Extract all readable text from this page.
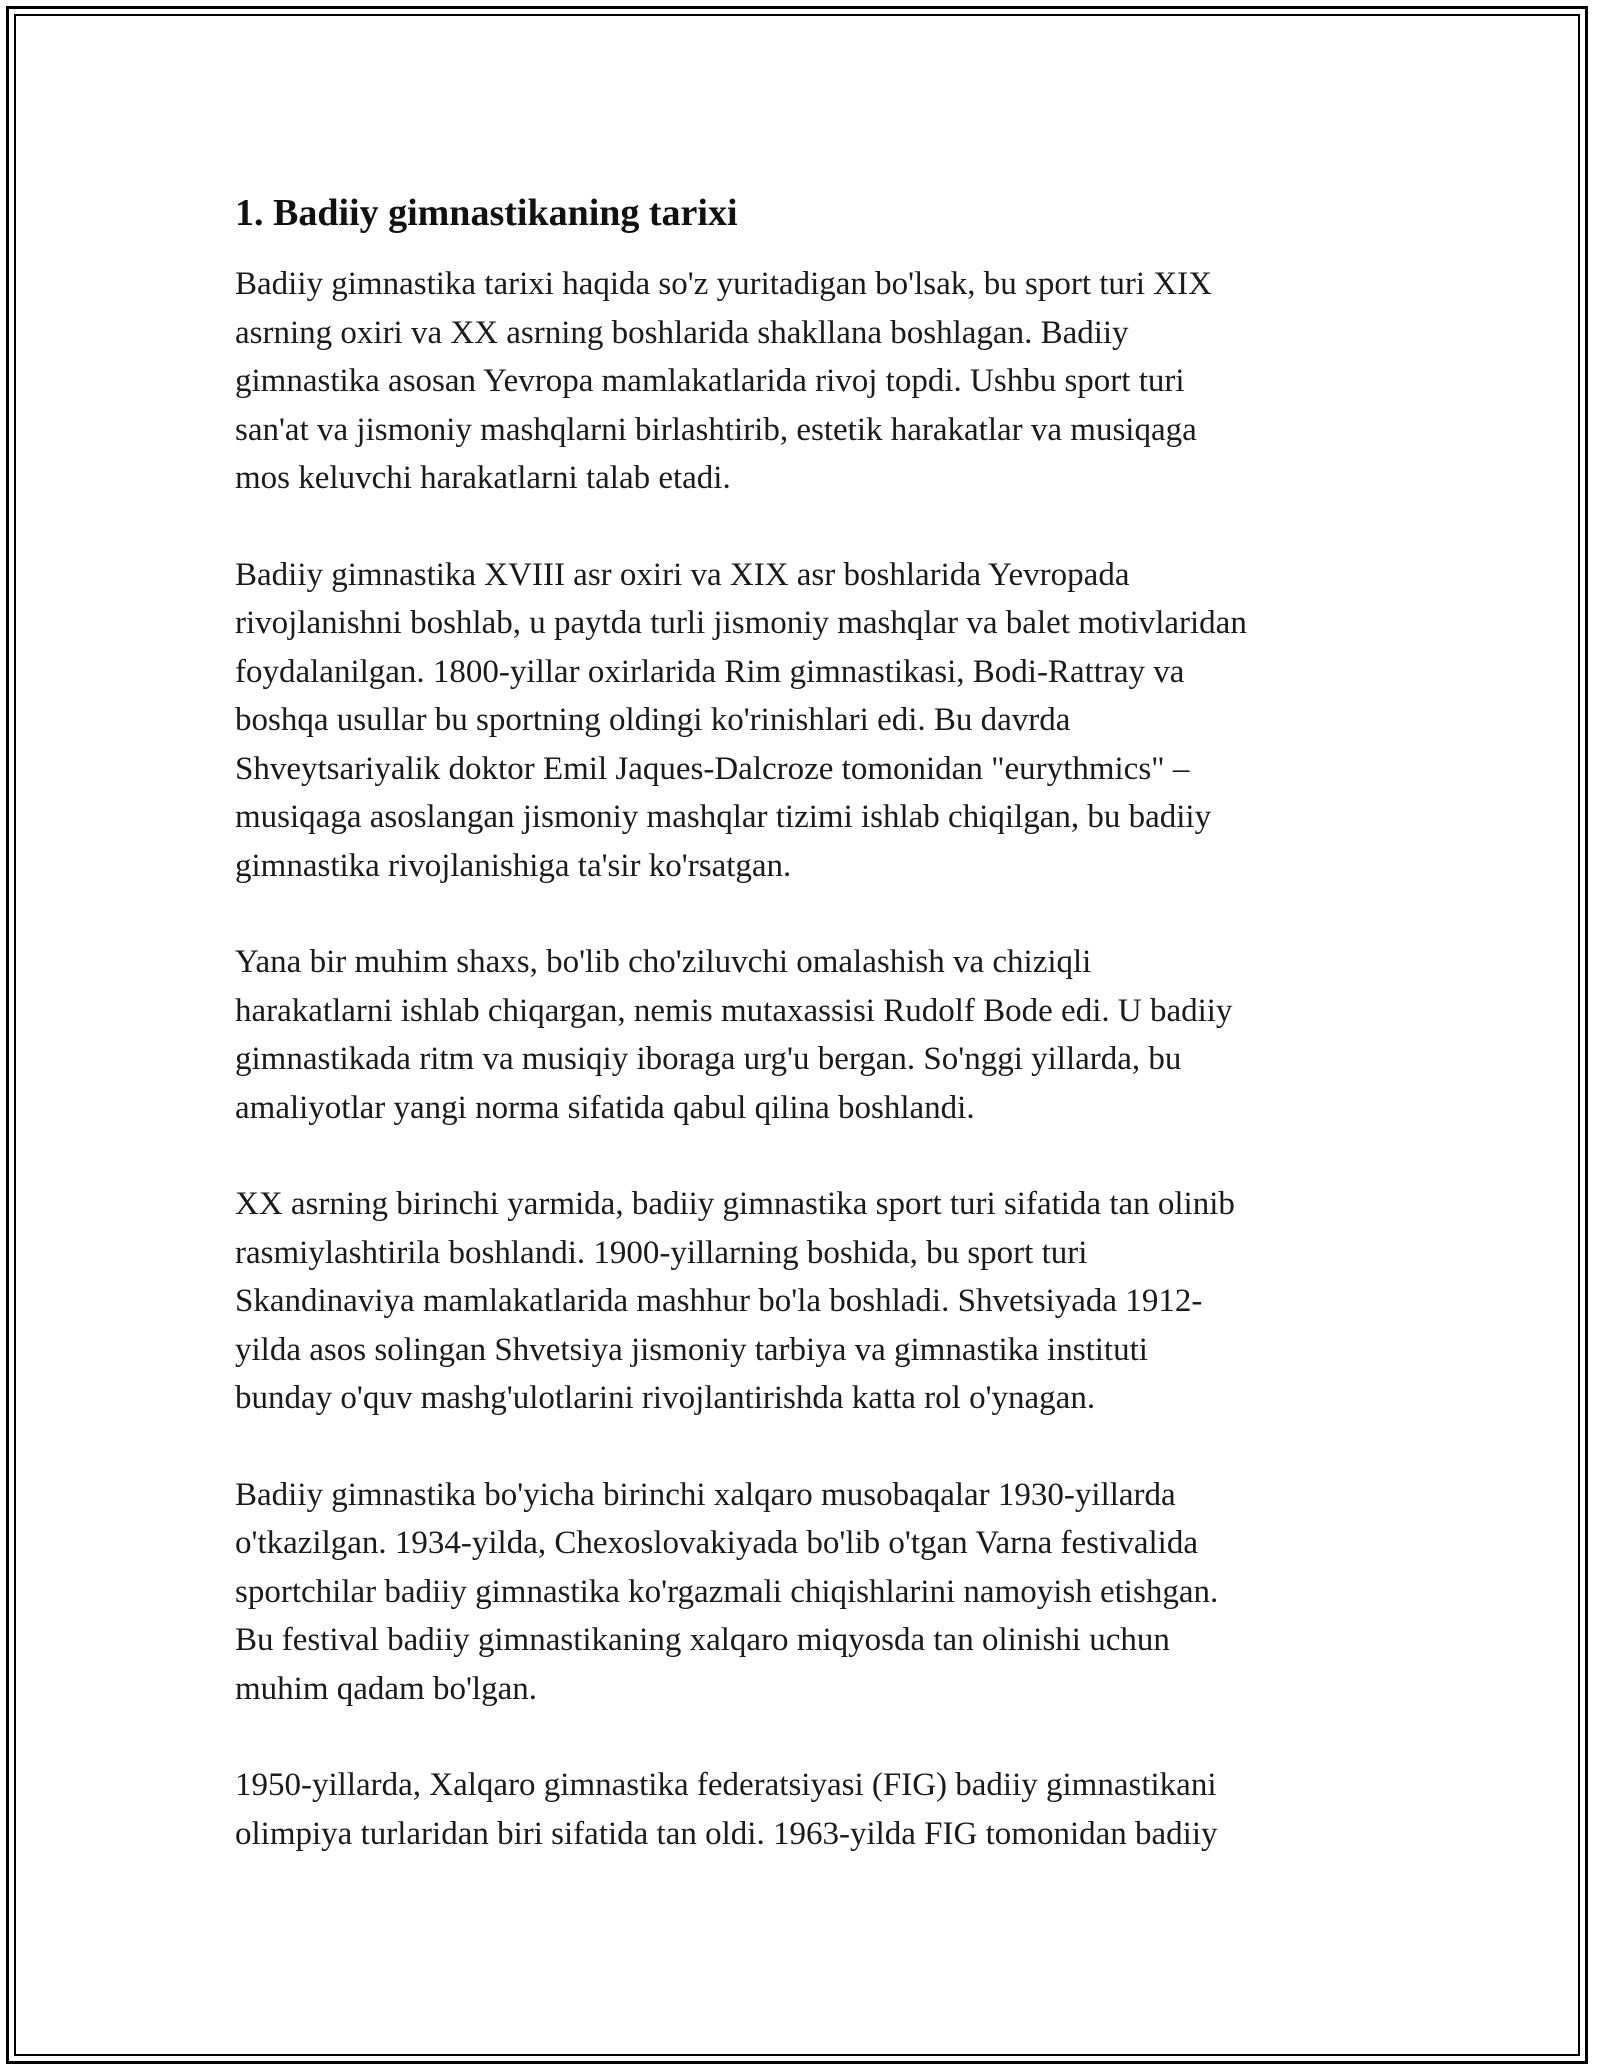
1. Badiiy gimnastikaning tarixi

Badiiy gimnastika tarixi haqida so'z yuritadigan bo'lsak, bu sport turi XIX
asrning oxiri va XX asrning boshlarida shakllana boshlagan. Badiiy
gimnastika asosan Yevropa mamlakatlarida rivoj topdi. Ushbu sport turi
san'at va jismoniy mashqlarni birlashtirib, estetik harakatlar va musiqaga
mos keluvchi harakatlarni talab etadi.

Badiiy gimnastika XVIII asr oxiri va XIX asr boshlarida Yevropada
rivojlanishni boshlab, u paytda turli jismoniy mashqlar va balet motivlaridan
foydalanilgan. 1800-yillar oxirlarida Rim gimnastikasi, Bodi-Rattray va
boshqa usullar bu sportning oldingi ko'rinishlari edi. Bu davrda
Shveytsariyalik doktor Emil Jaques-Dalcroze tomonidan "eurythmics" –
musiqaga asoslangan jismoniy mashqlar tizimi ishlab chiqilgan, bu badiiy
gimnastika rivojlanishiga ta'sir ko'rsatgan.

Yana bir muhim shaxs, bo'lib cho'ziluvchi omalashish va chiziqli
harakatlarni ishlab chiqargan, nemis mutaxassisi Rudolf Bode edi. U badiiy
gimnastikada ritm va musiqiy iboraga urg'u bergan. So'nggi yillarda, bu
amaliyotlar yangi norma sifatida qabul qilina boshlandi.

XX asrning birinchi yarmida, badiiy gimnastika sport turi sifatida tan olinib
rasmiylashtirila boshlandi. 1900-yillarning boshida, bu sport turi
Skandinaviya mamlakatlarida mashhur bo'la boshladi. Shvetsiyada 1912-
yilda asos solingan Shvetsiya jismoniy tarbiya va gimnastika instituti
bunday o'quv mashg'ulotlarini rivojlantirishda katta rol o'ynagan.

Badiiy gimnastika bo'yicha birinchi xalqaro musobaqalar 1930-yillarda
o'tkazilgan. 1934-yilda, Chexoslovakiyada bo'lib o'tgan Varna festivalida
sportchilar badiiy gimnastika ko'rgazmali chiqishlarini namoyish etishgan.
Bu festival badiiy gimnastikaning xalqaro miqyosda tan olinishi uchun
muhim qadam bo'lgan.

1950-yillarda, Xalqaro gimnastika federatsiyasi (FIG) badiiy gimnastikani
olimpiya turlaridan biri sifatida tan oldi. 1963-yilda FIG tomonidan badiiy
